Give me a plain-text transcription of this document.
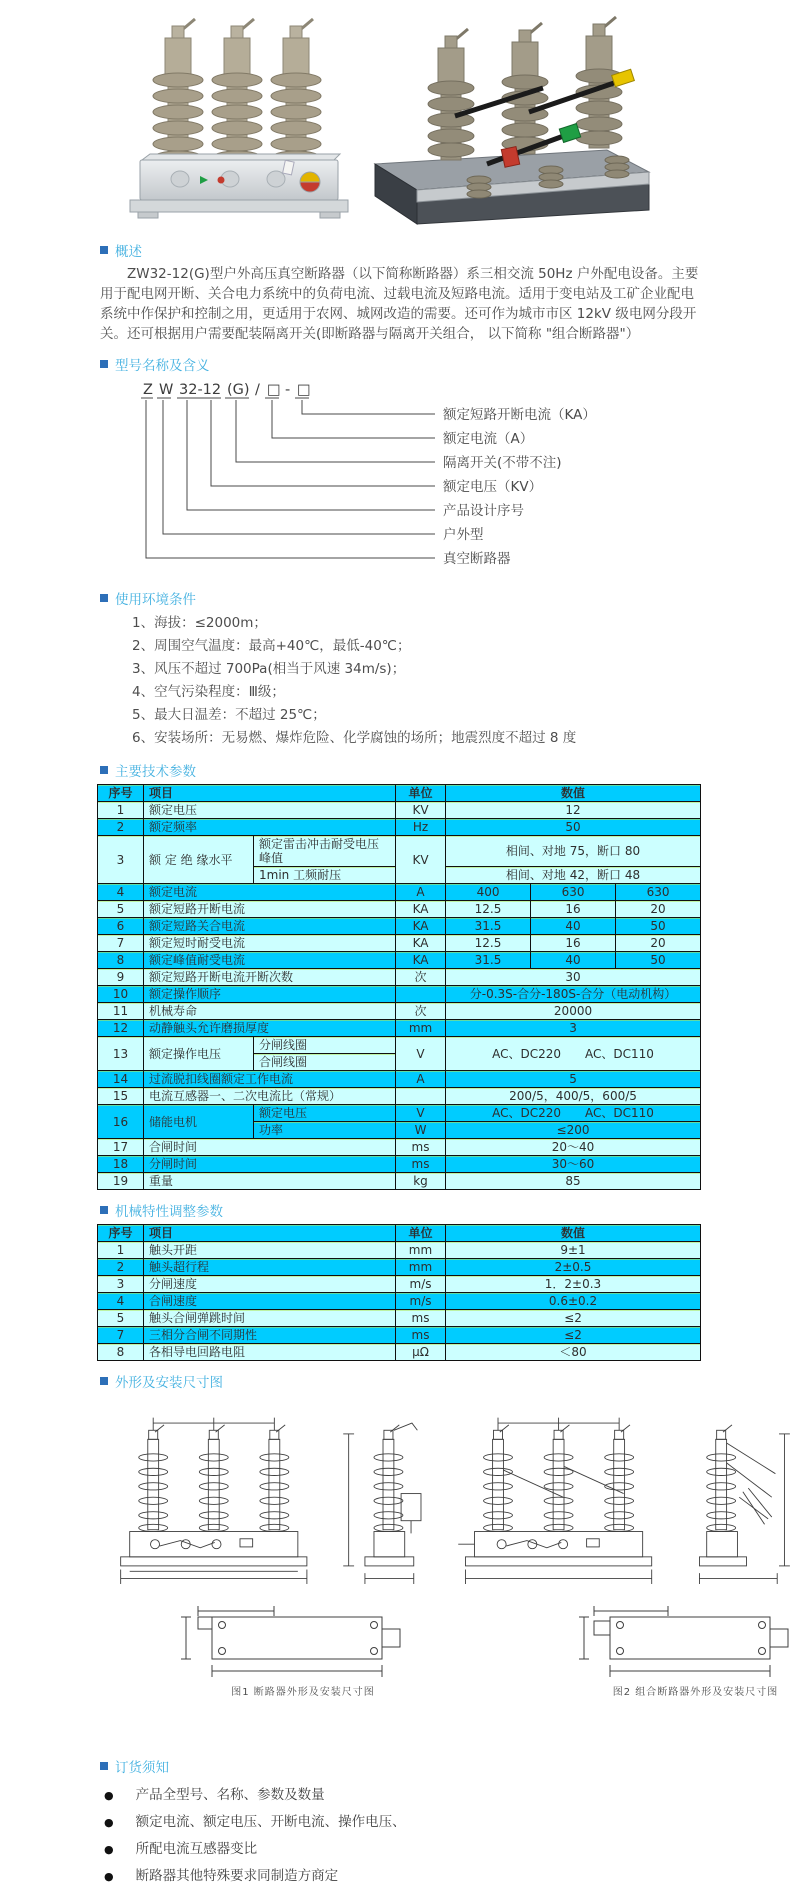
概述

ZW32-12(G)型户外高压真空断路器（以下简称断路器）系三相交流 50Hz 户外配电设备。主要用于配电网开断、关合电力系统中的负荷电流、过载电流及短路电流。适用于变电站及工矿企业配电系统中作保护和控制之用，更适用于农网、城网改造的需要。还可作为城市市区 12kV 级电网分段开关。还可根据用户需要配装隔离开关(即断路器与隔离开关组合， 以下简称 "组合断路器"）

型号名称及含义
Z W 32-12 (G) / □ - □
额定短路开断电流（KA）
额定电流（A）
隔离开关(不带不注)
额定电压（KV）
产品设计序号
户外型
真空断路器
使用环境条件
1、海拔：≤2000m；
2、周围空气温度：最高+40℃，最低-40℃；
3、风压不超过 700Pa(相当于风速 34m/s)；
4、空气污染程度：Ⅲ级；
5、最大日温差：不超过 25℃；
6、安装场所：无易燃、爆炸危险、化学腐蚀的场所；地震烈度不超过 8 度
主要技术参数
序号	项目		单位	数值		
1	额定电压		KV	12		
2	额定频率		Hz	50		
3	额 定 绝 缘水平	额定雷击冲击耐受电压峰值	KV	相间、对地 75，断口 80		
		1min 工频耐压		相间、对地 42，断口 48		
4	额定电流		A	400	630	630
5	额定短路开断电流		KA	12.5	16	20
6	额定短路关合电流		KA	31.5	40	50
7	额定短时耐受电流		KA	12.5	16	20
8	额定峰值耐受电流		KA	31.5	40	50
9	额定短路开断电流开断次数		次	30		
10	额定操作顺序			分-0.3S-合分-180S-合分（电动机构）		
11	机械寿命		次	20000		
12	动静触头允许磨损厚度		mm	3		
13	额定操作电压	分闸线圈	V	AC、DC220　　AC、DC110		
		合闸线圈				
14	过流脱扣线圈额定工作电流		A	5		
15	电流互感器一、二次电流比（常规）			200/5，400/5，600/5		
16	储能电机	额定电压	V	AC、DC220　　AC、DC110		
		功率	W	≤200		
17	合闸时间		ms	20～40		
18	分闸时间		ms	30～60		
19	重量		kg	85		
机械特性调整参数
序号	项目	单位	数值
1	触头开距	mm	9±1
2	触头超行程	mm	2±0.5
3	分闸速度	m/s	1．2±0.3
4	合闸速度	m/s	0.6±0.2
5	触头合闸弹跳时间	ms	≤2
7	三相分合闸不同期性	ms	≤2
8	各相导电回路电阻	μΩ	＜80
外形及安装尺寸图
图1 断路器外形及安装尺寸图	图2 组合断路器外形及安装尺寸图
订货须知
● 产品全型号、名称、参数及数量
● 额定电流、额定电压、开断电流、操作电压、
● 所配电流互感器变比
● 断路器其他特殊要求同制造方商定
